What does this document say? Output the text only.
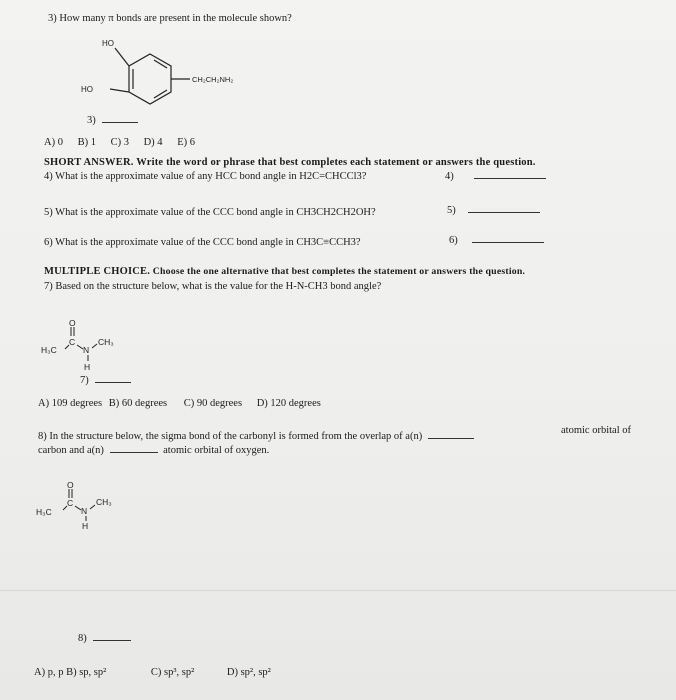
3) How many π bonds are present in the molecule shown?
HO
HO
CH₂CH₂NH₂
3)
A) 0 B) 1 C) 3 D) 4 E) 6
SHORT ANSWER. Write the word or phrase that best completes each statement or answers the question.
4) What is the approximate value of any HCC bond angle in H2C=CHCCl3?	4)
5) What is the approximate value of the CCC bond angle in CH3CH2CH2OH?	5)
6) What is the approximate value of the CCC bond angle in CH3C≡CCH3?	6)
MULTIPLE CHOICE. Choose the one alternative that best completes the statement or answers the question.
7) Based on the structure below, what is the value for the H-N-CH3 bond angle?
O
C
H₃C	N
CH₃
H
7)
A) 109 degrees B) 60 degrees C) 90 degrees D) 120 degrees
8) In the structure below, the sigma bond of the carbonyl is formed from the overlap of a(n)
atomic orbital of
carbon and a(n)	atomic orbital of oxygen.
O
C
H₃C	N
CH₃
H
8)
A) p, p B) sp, sp²	C) sp³, sp²	D) sp², sp²
